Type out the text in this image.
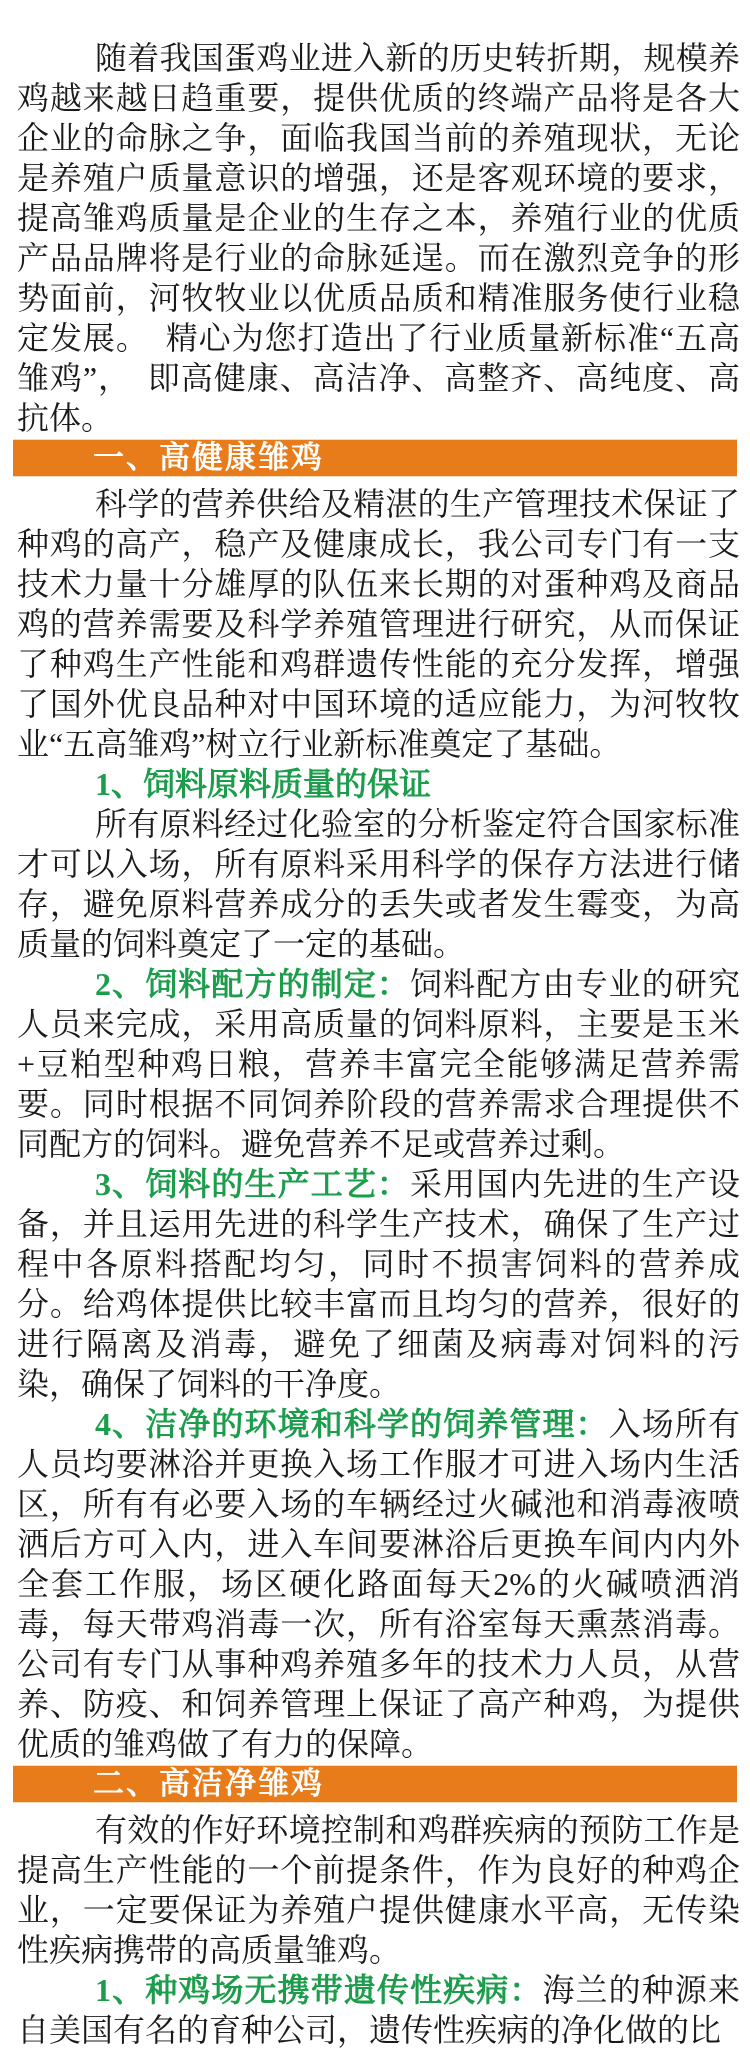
随着我国蛋鸡业进入新的历史转折期，规模养鸡越来越日趋重要，提供优质的终端产品将是各大企业的命脉之争，面临我国当前的养殖现状，无论是养殖户质量意识的增强，还是客观环境的要求，提高雏鸡质量是企业的生存之本，养殖行业的优质产品品牌将是行业的命脉延逞。而在激烈竞争的形势面前，河牧牧业以优质品质和精准服务使行业稳定发展。　精心为您打造出了行业质量新标准“五高雏鸡”，　即高健康、高洁净、高整齐、高纯度、高抗体。

一、高健康雏鸡

科学的营养供给及精湛的生产管理技术保证了种鸡的高产，稳产及健康成长，我公司专门有一支技术力量十分雄厚的队伍来长期的对蛋种鸡及商品鸡的营养需要及科学养殖管理进行研究，从而保证了种鸡生产性能和鸡群遗传性能的充分发挥，增强了国外优良品种对中国环境的适应能力，为河牧牧业“五高雏鸡”树立行业新标准奠定了基础。

1、饲料原料质量的保证

所有原料经过化验室的分析鉴定符合国家标准才可以入场，所有原料采用科学的保存方法进行储存，避免原料营养成分的丢失或者发生霉变，为高质量的饲料奠定了一定的基础。

2、饲料配方的制定：饲料配方由专业的研究人员来完成，采用高质量的饲料原料，主要是玉米+豆粕型种鸡日粮，营养丰富完全能够满足营养需要。同时根据不同饲养阶段的营养需求合理提供不同配方的饲料。避免营养不足或营养过剩。

3、饲料的生产工艺：采用国内先进的生产设备，并且运用先进的科学生产技术，确保了生产过程中各原料搭配均匀，同时不损害饲料的营养成分。给鸡体提供比较丰富而且均匀的营养，很好的进行隔离及消毒，避免了细菌及病毒对饲料的污染，确保了饲料的干净度。

4、洁净的环境和科学的饲养管理：入场所有人员均要淋浴并更换入场工作服才可进入场内生活区，所有有必要入场的车辆经过火碱池和消毒液喷洒后方可入内，进入车间要淋浴后更换车间内内外全套工作服，场区硬化路面每天2%的火碱喷洒消毒，每天带鸡消毒一次，所有浴室每天熏蒸消毒。公司有专门从事种鸡养殖多年的技术力人员，从营养、防疫、和饲养管理上保证了高产种鸡，为提供优质的雏鸡做了有力的保障。

二、高洁净雏鸡

有效的作好环境控制和鸡群疾病的预防工作是提高生产性能的一个前提条件，作为良好的种鸡企业，一定要保证为养殖户提供健康水平高，无传染性疾病携带的高质量雏鸡。

1、种鸡场无携带遗传性疾病：海兰的种源来自美国有名的育种公司，遗传性疾病的净化做的比
